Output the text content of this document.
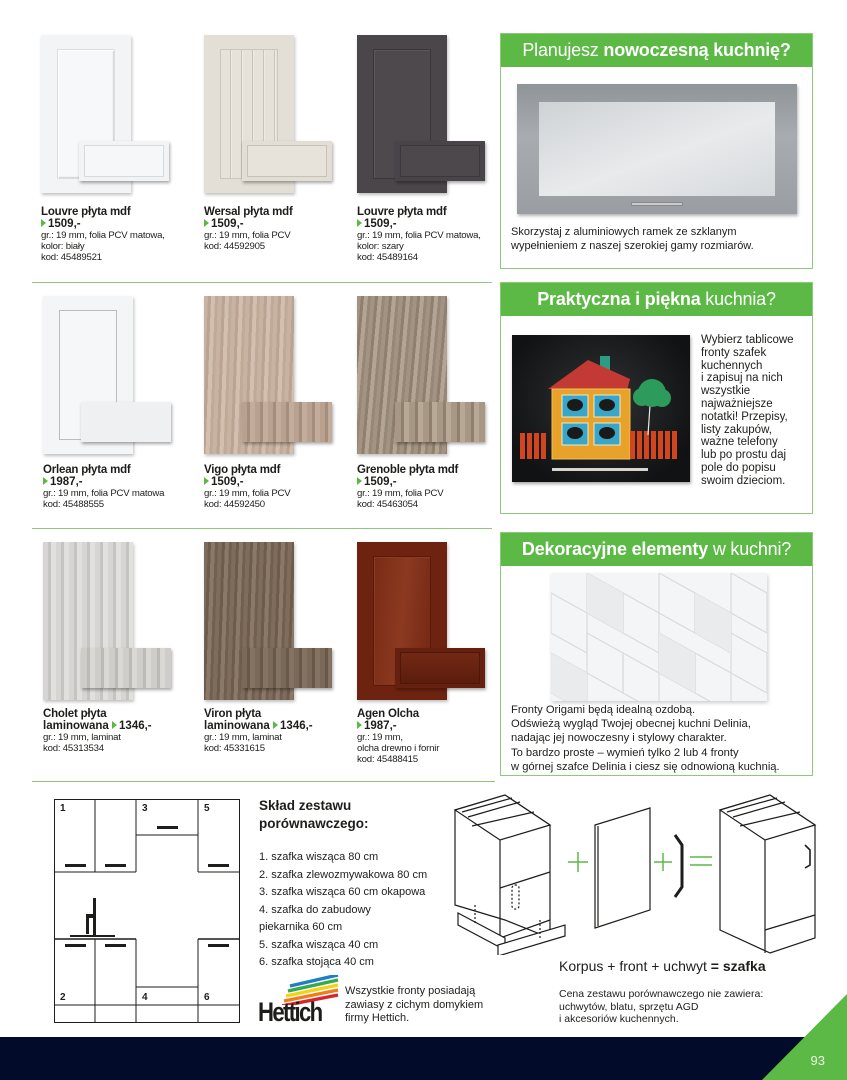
Louvre płyta mdf
1509,-
gr.: 19 mm, folia PCV matowa,
kolor: biały
kod: 45489521
Wersal płyta mdf
1509,-
gr.: 19 mm, folia PCV
kod: 44592905
Louvre płyta mdf
1509,-
gr.: 19 mm, folia PCV matowa,
kolor: szary
kod: 45489164
Orlean płyta mdf
1987,-
gr.: 19 mm, folia PCV matowa
kod: 45488555
Vigo płyta mdf
1509,-
gr.: 19 mm, folia PCV
kod: 44592450
Grenoble płyta mdf
1509,-
gr.: 19 mm, folia PCV
kod: 45463054
Cholet płyta
laminowana 1346,-
gr.: 19 mm, laminat
kod: 45313534
Viron płyta
laminowana 1346,-
gr.: 19 mm, laminat
kod: 45331615
Agen Olcha
1987,-
gr.: 19 mm,
olcha drewno i fornir
kod: 45488415
Planujesz nowoczesną kuchnię?
Skorzystaj z aluminiowych ramek ze szklanym
wypełnieniem z naszej szerokiej gamy rozmiarów.
Praktyczna i piękna kuchnia?
Wybierz tablicowe
fronty szafek
kuchennych
i zapisuj na nich
wszystkie
najważniejsze
notatki! Przepisy,
listy zakupów,
ważne telefony
lub po prostu daj
pole do popisu
swoim dzieciom.
Dekoracyjne elementy w kuchni?
Fronty Origami będą idealną ozdobą.
Odświeżą wygląd Twojej obecnej kuchni Delinia,
nadając jej nowoczesny i stylowy charakter.
To bardzo proste – wymień tylko 2 lub 4 fronty
w górnej szafce Delinia i ciesz się odnowioną kuchnią.
1	3	5
2	4	6
Skład zestawu
porównawczego:
1. szafka wisząca 80 cm
2. szafka zlewozmywakowa 80 cm
3. szafka wisząca 60 cm okapowa
4. szafka do zabudowy
piekarnika 60 cm
5. szafka wisząca 40 cm
6. szafka stojąca 40 cm
Hettich
Wszystkie fronty posiadają
zawiasy z cichym domykiem
firmy Hettich.
Korpus + front + uchwyt = szafka
Cena zestawu porównawczego nie zawiera:
uchwytów, blatu, sprzętu AGD
i akcesoriów kuchennych.
93
